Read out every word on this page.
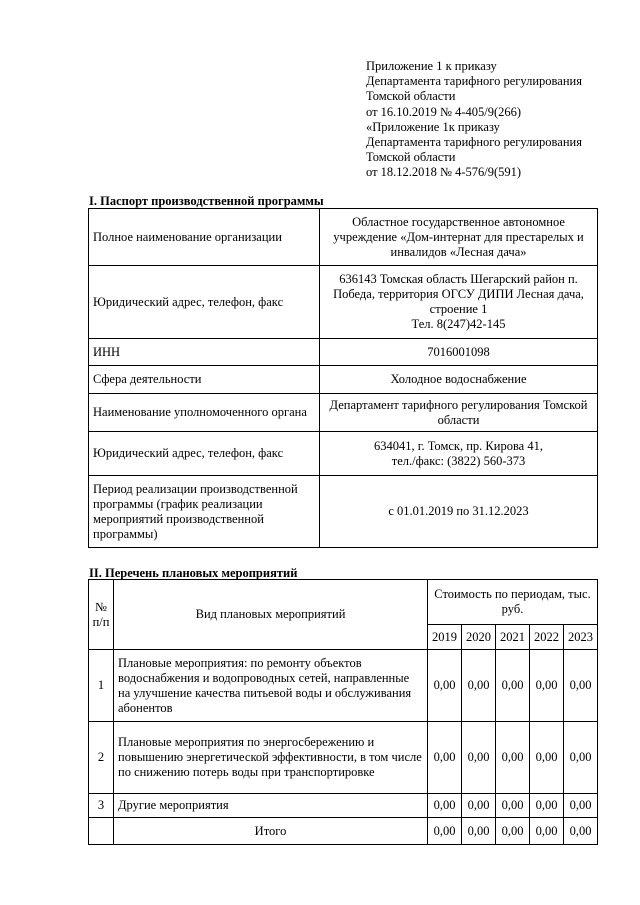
Приложение 1 к приказу
Департамента тарифного регулирования
Томской области
от 16.10.2019 № 4-405/9(266)
«Приложение 1к приказу
Департамента тарифного регулирования
Томской области
от 18.12.2018 № 4-576/9(591)
I. Паспорт производственной программы
Полное наименование организации	Областное государственное автономное
учреждение «Дом-интернат для престарелых и
инвалидов «Лесная дача»

Юридический адрес, телефон, факс	636143 Томская область Шегарский район п.
Победа, территория ОГСУ ДИПИ Лесная дача,
строение 1
Тел. 8(247)42-145

ИНН	7016001098

Сфера деятельности	Холодное водоснабжение

Наименование уполномоченного органа	Департамент тарифного регулирования Томской
области

Юридический адрес, телефон, факс	634041, г. Томск, пр. Кирова 41,
тел./факс: (3822) 560-373

Период реализации производственной программы (график реализации мероприятий производственной программы)	с 01.01.2019 по 31.12.2023
II. Перечень плановых мероприятий
№ п/п	Вид плановых мероприятий	Стоимость по периодам, тыс. руб.				
		2019	2020	2021	2022	2023
1	Плановые мероприятия: по ремонту объектов водоснабжения и водопроводных сетей, направленные на улучшение качества питьевой воды и обслуживания абонентов	0,00	0,00	0,00	0,00	0,00
2	Плановые мероприятия по энергосбережению и повышению энергетической эффективности, в том числе по снижению потерь воды при транспортировке	0,00	0,00	0,00	0,00	0,00
3	Другие мероприятия	0,00	0,00	0,00	0,00	0,00
	Итого	0,00	0,00	0,00	0,00	0,00
